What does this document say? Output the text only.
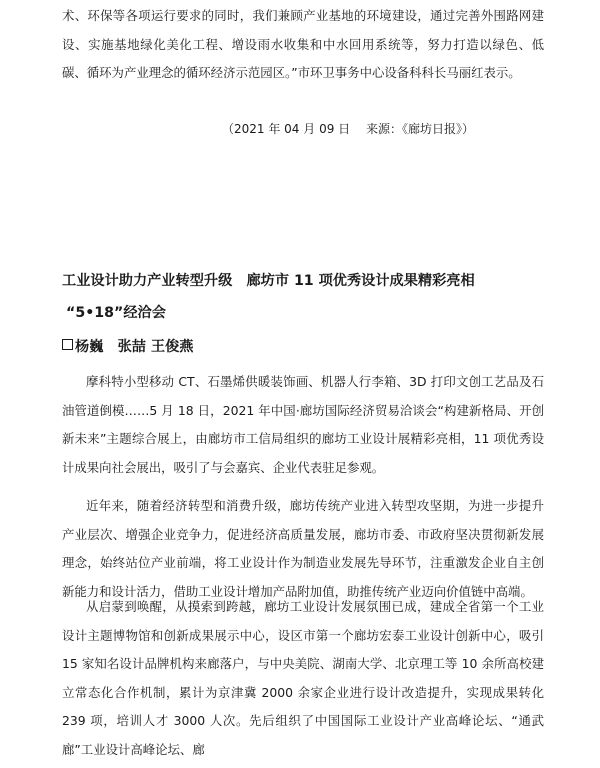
术、环保等各项运行要求的同时，我们兼顾产业基地的环境建设，通过完善外围路网建设、实施基地绿化美化工程、增设雨水收集和中水回用系统等，努力打造以绿色、低碳、循环为产业理念的循环经济示范园区。”市环卫事务中心设备科科长马丽红表示。

（2021 年 04 月 09 日　 来源：《廊坊日报》）
工业设计助力产业转型升级　廊坊市 11 项优秀设计成果精彩亮相
“5•18”经洽会
杨巍　张喆 王俊燕

摩科特小型移动 CT、石墨烯供暖装饰画、机器人行李箱、3D 打印文创工艺品及石油管道倒模……5 月 18 日，2021 年中国·廊坊国际经济贸易洽谈会“构建新格局、开创新未来”主题综合展上，由廊坊市工信局组织的廊坊工业设计展精彩亮相，11 项优秀设计成果向社会展出，吸引了与会嘉宾、企业代表驻足参观。

近年来，随着经济转型和消费升级，廊坊传统产业进入转型攻坚期，为进一步提升产业层次、增强企业竞争力，促进经济高质量发展，廊坊市委、市政府坚决贯彻新发展理念，始终站位产业前端，将工业设计作为制造业发展先导环节，注重激发企业自主创新能力和设计活力，借助工业设计增加产品附加值，助推传统产业迈向价值链中高端。

从启蒙到唤醒，从摸索到跨越，廊坊工业设计发展氛围已成，建成全省第一个工业设计主题博物馆和创新成果展示中心，设区市第一个廊坊宏泰工业设计创新中心，吸引 15 家知名设计品牌机构来廊落户，与中央美院、湖南大学、北京理工等 10 余所高校建立常态化合作机制，累计为京津冀 2000 余家企业进行设计改造提升，实现成果转化 239 项，培训人才 3000 人次。先后组织了中国国际工业设计产业高峰论坛、“通武廊”工业设计高峰论坛、廊
